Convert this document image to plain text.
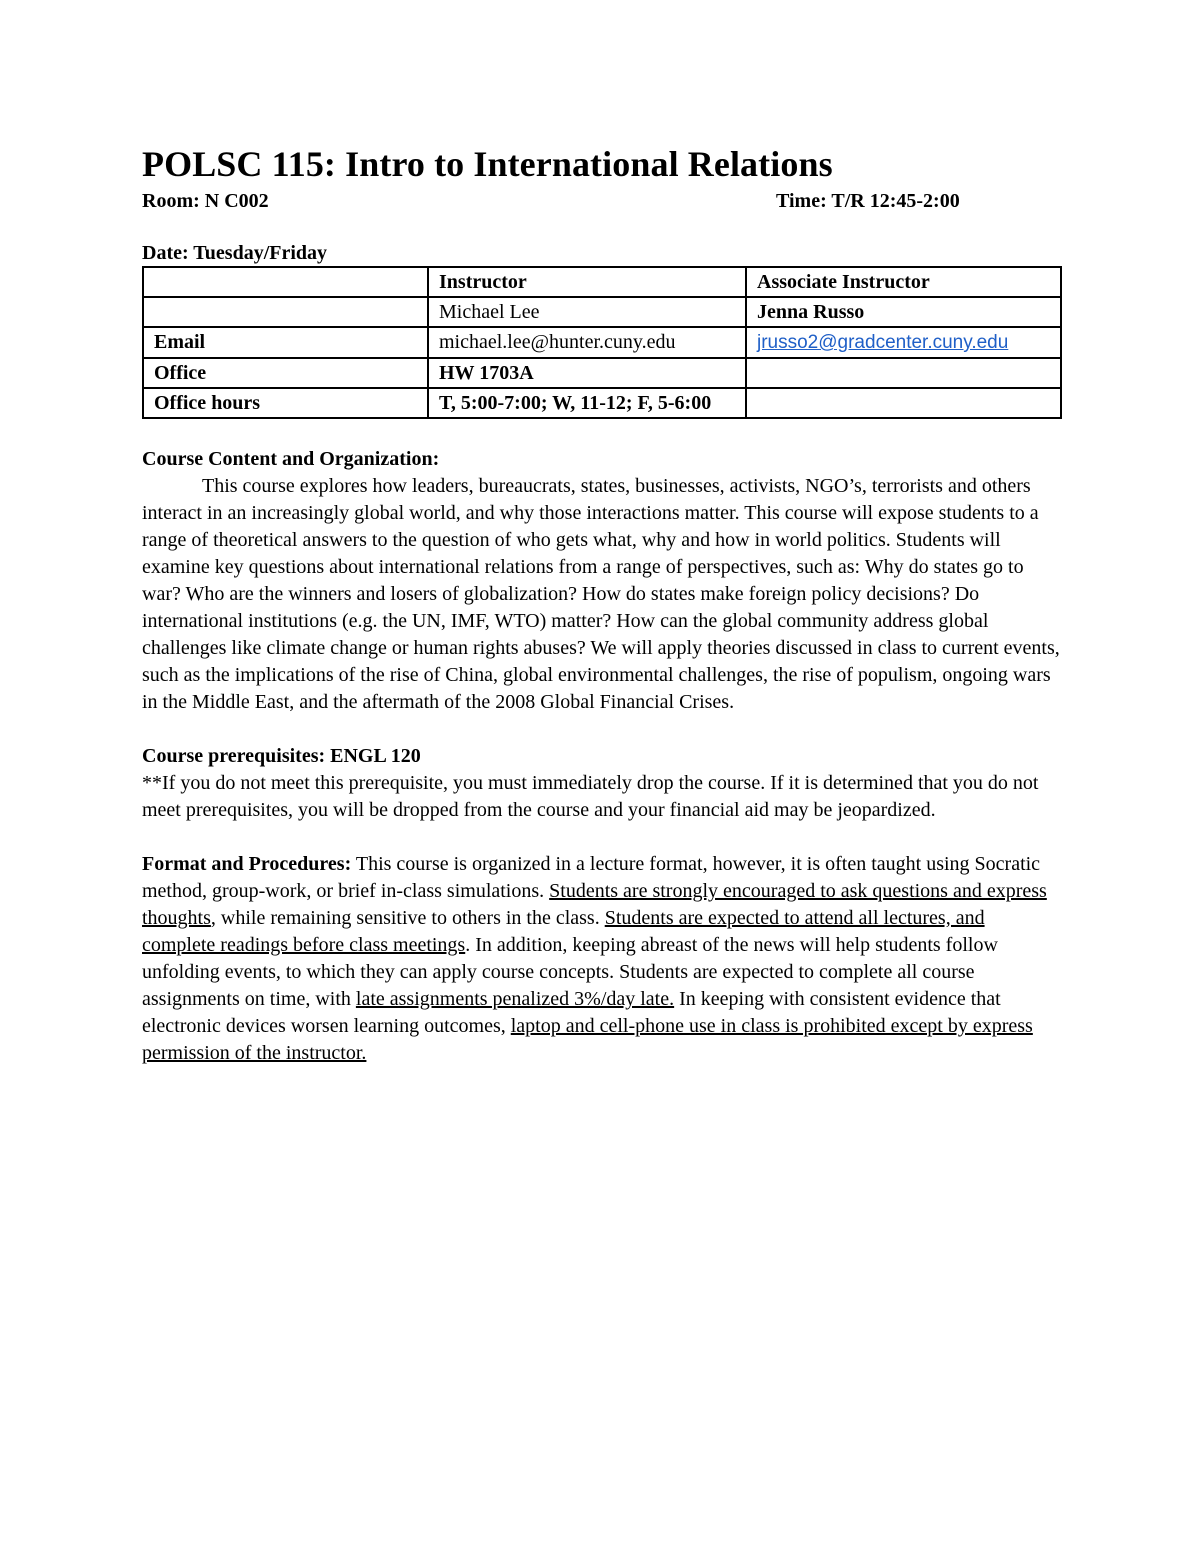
POLSC 115: Intro to International Relations
Room: N C002	Time: T/R 12:45-2:00
Date: Tuesday/Friday
	Instructor	Associate Instructor
	Michael Lee	Jenna Russo
Email	michael.lee@hunter.cuny.edu	jrusso2@gradcenter.cuny.edu
Office	HW 1703A	
Office hours	T, 5:00-7:00; W, 11-12; F, 5-6:00	

Course Content and Organization:
This course explores how leaders, bureaucrats, states, businesses, activists, NGO’s, terrorists and others interact in an increasingly global world, and why those interactions matter. This course will expose students to a range of theoretical answers to the question of who gets what, why and how in world politics. Students will examine key questions about international relations from a range of perspectives, such as: Why do states go to war? Who are the winners and losers of globalization? How do states make foreign policy decisions? Do international institutions (e.g. the UN, IMF, WTO) matter? How can the global community address global challenges like climate change or human rights abuses? We will apply theories discussed in class to current events, such as the implications of the rise of China, global environmental challenges, the rise of populism, ongoing wars in the Middle East, and the aftermath of the 2008 Global Financial Crises.

Course prerequisites: ENGL 120
**If you do not meet this prerequisite, you must immediately drop the course. If it is determined that you do not meet prerequisites, you will be dropped from the course and your financial aid may be jeopardized.

Format and Procedures: This course is organized in a lecture format, however, it is often taught using Socratic method, group-work, or brief in-class simulations. Students are strongly encouraged to ask questions and express thoughts, while remaining sensitive to others in the class. Students are expected to attend all lectures, and complete readings before class meetings. In addition, keeping abreast of the news will help students follow unfolding events, to which they can apply course concepts. Students are expected to complete all course assignments on time, with late assignments penalized 3%/day late. In keeping with consistent evidence that electronic devices worsen learning outcomes, laptop and cell-phone use in class is prohibited except by express permission of the instructor.
